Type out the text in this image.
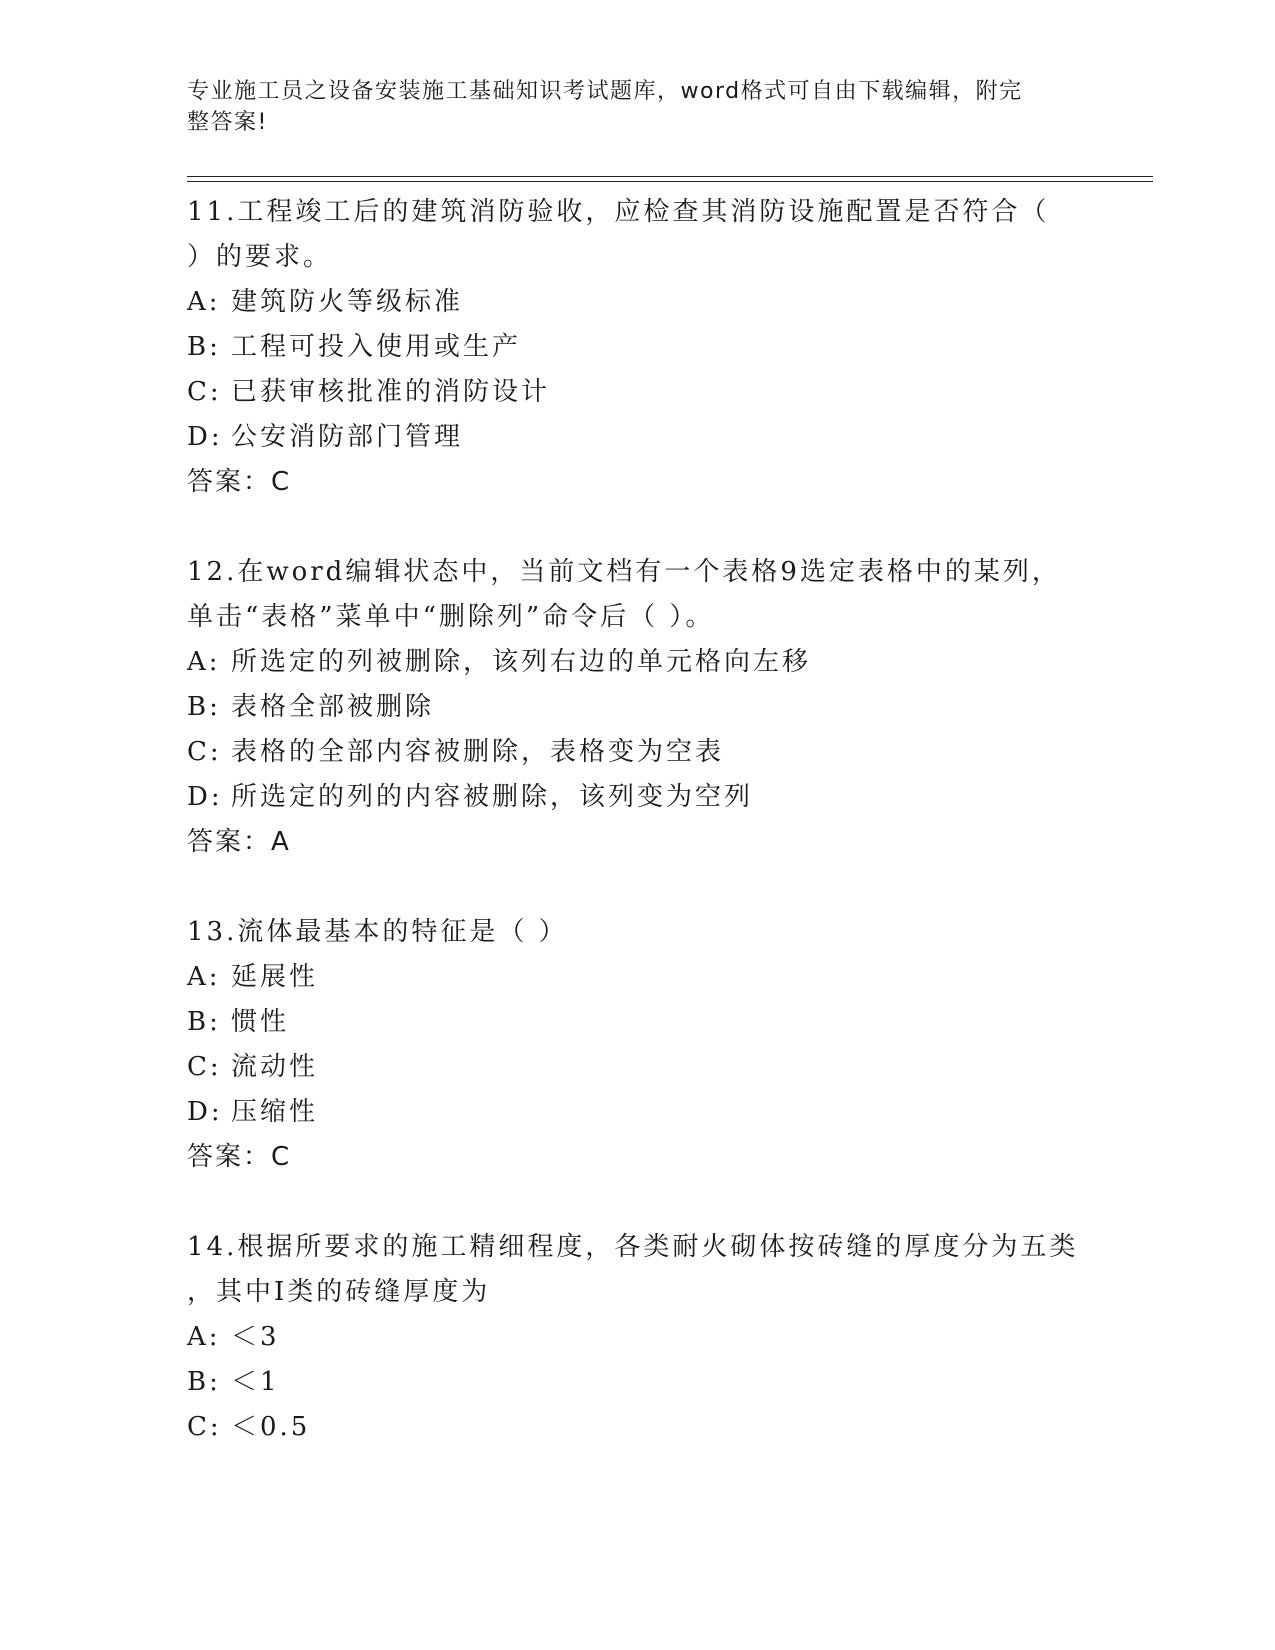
专业施工员之设备安装施工基础知识考试题库，word格式可自由下载编辑，附完
整答案!
11.工程竣工后的建筑消防验收，应检查其消防设施配置是否符合（
）的要求。
A: 建筑防火等级标准
B: 工程可投入使用或生产
C: 已获审核批准的消防设计
D: 公安消防部门管理
答案：C
12.在word编辑状态中，当前文档有一个表格9选定表格中的某列，
单击“表格”菜单中“删除列”命令后（ ）。
A: 所选定的列被删除，该列右边的单元格向左移
B: 表格全部被删除
C: 表格的全部内容被删除，表格变为空表
D: 所选定的列的内容被删除，该列变为空列
答案：A
13.流体最基本的特征是（ ）
A: 延展性
B: 惯性
C: 流动性
D: 压缩性
答案：C
14.根据所要求的施工精细程度，各类耐火砌体按砖缝的厚度分为五类
，其中I类的砖缝厚度为
A: ＜3
B: ＜1
C: ＜0.5
